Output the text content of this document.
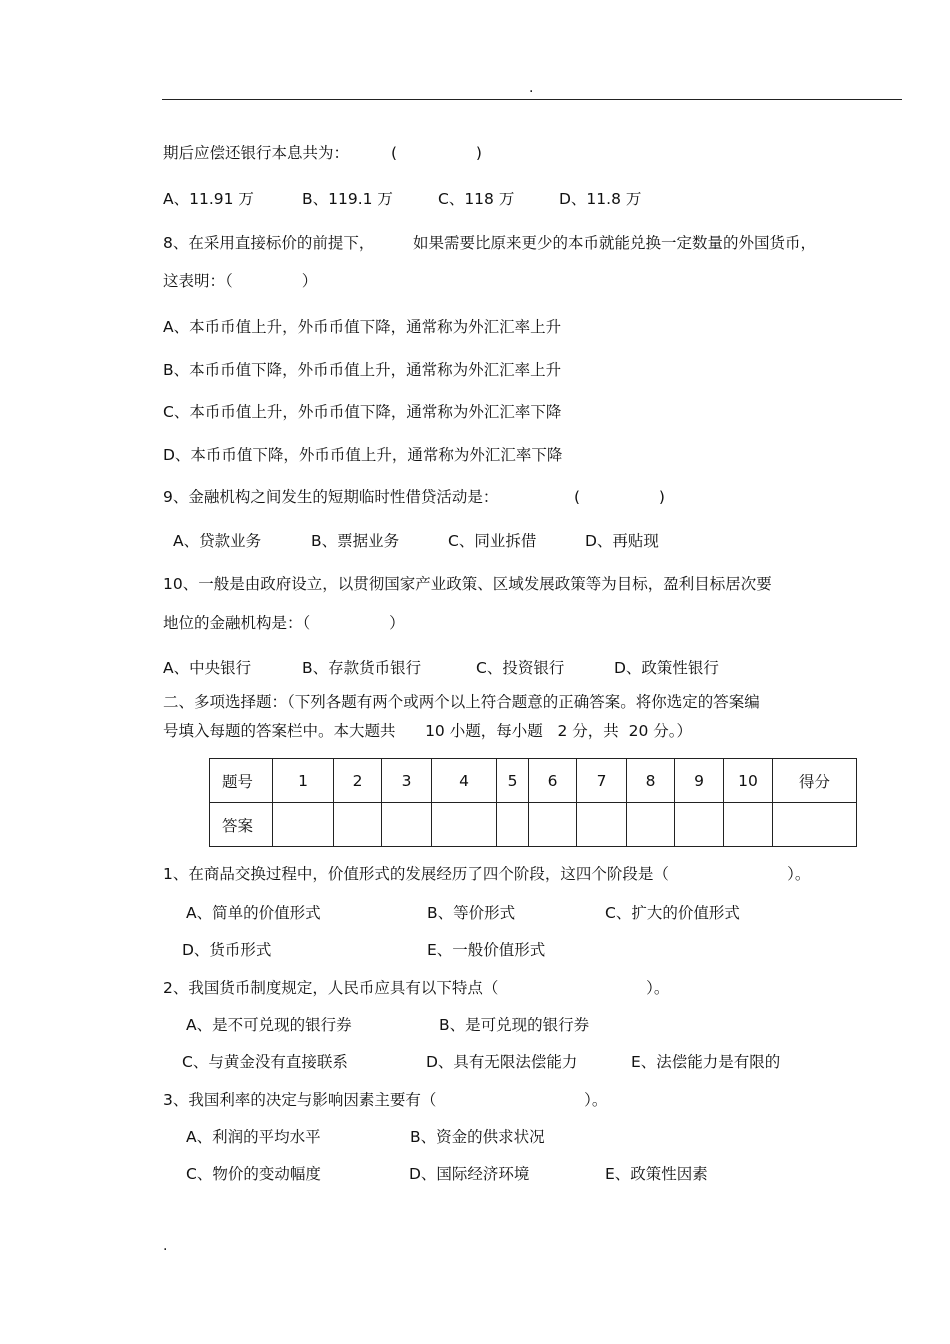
.
期后应偿还银行本息共为：	(                )
A、11.91 万	B、119.1 万	C、118 万	D、11.8 万
8、在采用直接标价的前提下， 如果需要比原来更少的本币就能兑换一定数量的外国货币，
这表明：（              ）
A、本币币值上升，外币币值下降，通常称为外汇汇率上升
B、本币币值下降，外币币值上升，通常称为外汇汇率上升
C、本币币值上升，外币币值下降，通常称为外汇汇率下降
D、本币币值下降，外币币值上升，通常称为外汇汇率下降
9、金融机构之间发生的短期临时性借贷活动是：	(                )
A、贷款业务	B、票据业务	C、同业拆借	D、再贴现
10、一般是由政府设立，以贯彻国家产业政策、区域发展政策等为目标，盈利目标居次要
地位的金融机构是：（                ）
A、中央银行	B、存款货币银行	C、投资银行	D、政策性银行
二、多项选择题：（下列各题有两个或两个以上符合题意的正确答案。将你选定的答案编
号填入每题的答案栏中。本大题共      10 小题，每小题   2 分，共  20 分。）
题号	1	2	3	4	5	6	7	8	9	10	得分
答案											
1、在商品交换过程中，价值形式的发展经历了四个阶段，这四个阶段是（                        ）。
A、简单的价值形式	B、等价形式	C、扩大的价值形式
D、货币形式	E、一般价值形式
2、我国货币制度规定，人民币应具有以下特点（                              ）。
A、是不可兑现的银行券	B、是可兑现的银行券
C、与黄金没有直接联系	D、具有无限法偿能力	E、法偿能力是有限的
3、我国利率的决定与影响因素主要有（                              ）。
A、利润的平均水平	B、资金的供求状况
C、物价的变动幅度	D、国际经济环境	E、政策性因素
.
